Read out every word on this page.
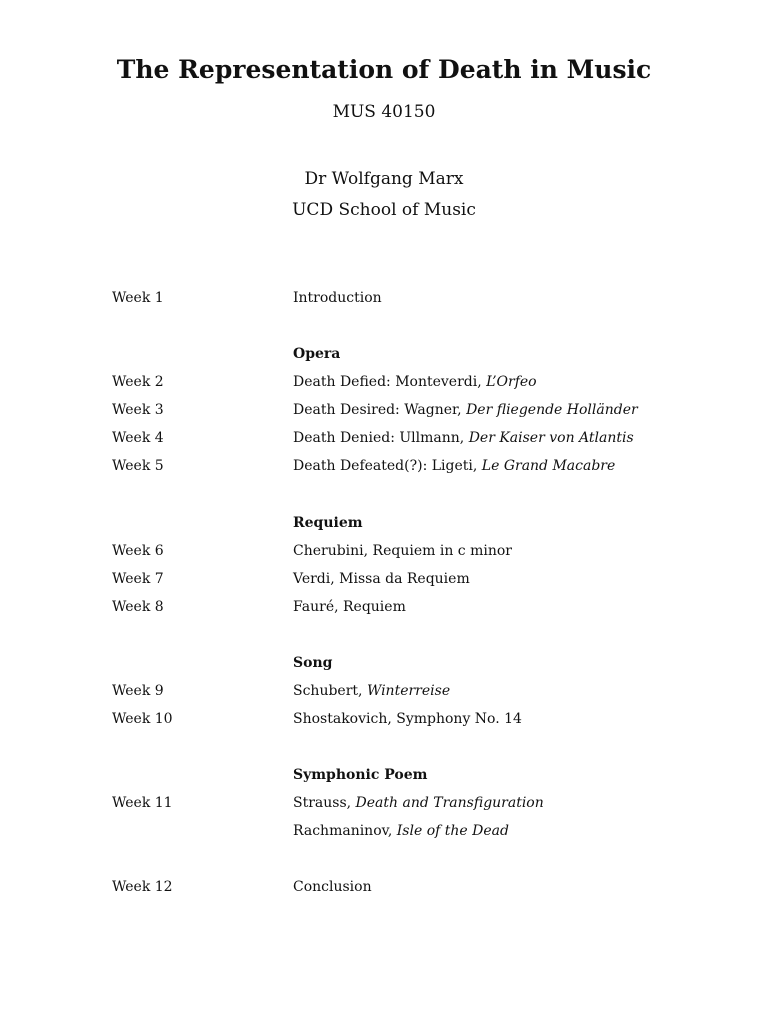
The Representation of Death in Music
MUS 40150
Dr Wolfgang Marx
UCD School of Music
Week 1	Introduction
Opera
Week 2	Death Defied: Monteverdi, L’Orfeo
Week 3	Death Desired: Wagner, Der fliegende Holländer
Week 4	Death Denied: Ullmann, Der Kaiser von Atlantis
Week 5	Death Defeated(?): Ligeti, Le Grand Macabre
Requiem
Week 6	Cherubini, Requiem in c minor
Week 7	Verdi, Missa da Requiem
Week 8	Fauré, Requiem
Song
Week 9	Schubert, Winterreise
Week 10	Shostakovich, Symphony No. 14
Symphonic Poem
Week 11	Strauss, Death and Transfiguration
Rachmaninov, Isle of the Dead
Week 12	Conclusion
